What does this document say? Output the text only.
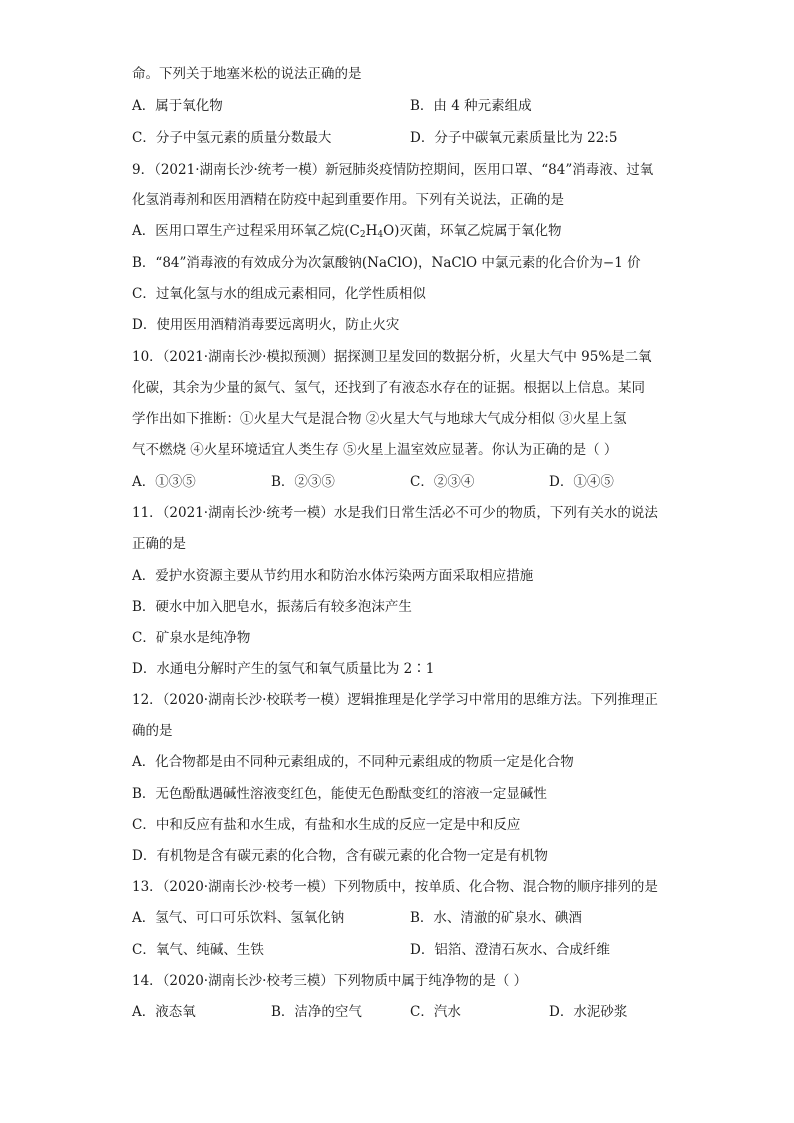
命。下列关于地塞米松的说法正确的是
A．属于氧化物	B．由 4 种元素组成
C．分子中氢元素的质量分数最大	D．分子中碳氧元素质量比为 22:5
9．（2021·湖南长沙·统考一模）新冠肺炎疫情防控期间，医用口罩、“84”消毒液、过氧
化氢消毒剂和医用酒精在防疫中起到重要作用。下列有关说法，正确的是
A．医用口罩生产过程采用环氧乙烷$(C_2H_4O)$灭菌，环氧乙烷属于氧化物
B．“84”消毒液的有效成分为次氯酸钠(NaClO)，NaClO 中氯元素的化合价为−1 价
C．过氧化氢与水的组成元素相同，化学性质相似
D．使用医用酒精消毒要远离明火，防止火灾
10．（2021·湖南长沙·模拟预测）据探测卫星发回的数据分析，火星大气中 95%是二氧
化碳，其余为少量的氮气、氢气，还找到了有液态水存在的证据。根据以上信息。某同
学作出如下推断：①火星大气是混合物 ②火星大气与地球大气成分相似 ③火星上氢
气不燃烧 ④火星环境适宜人类生存 ⑤火星上温室效应显著。你认为正确的是（ ）
A．①③⑤	B．②③⑤	C．②③④	D．①④⑤
11．（2021·湖南长沙·统考一模）水是我们日常生活必不可少的物质，下列有关水的说法
正确的是
A．爱护水资源主要从节约用水和防治水体污染两方面采取相应措施
B．硬水中加入肥皂水，振荡后有较多泡沫产生
C．矿泉水是纯净物
D．水通电分解时产生的氢气和氧气质量比为 2∶1
12．（2020·湖南长沙·校联考一模）逻辑推理是化学学习中常用的思维方法。下列推理正
确的是
A．化合物都是由不同种元素组成的，不同种元素组成的物质一定是化合物
B．无色酚酞遇碱性溶液变红色，能使无色酚酞变红的溶液一定显碱性
C．中和反应有盐和水生成，有盐和水生成的反应一定是中和反应
D．有机物是含有碳元素的化合物，含有碳元素的化合物一定是有机物
13．（2020·湖南长沙·校考一模）下列物质中，按单质、化合物、混合物的顺序排列的是
A．氢气、可口可乐饮料、氢氧化钠	B．水、清澈的矿泉水、碘酒
C．氧气、纯碱、生铁	D．铝箔、澄清石灰水、合成纤维
14．（2020·湖南长沙·校考三模）下列物质中属于纯净物的是（ ）
A．液态氧	B．洁净的空气	C．汽水	D．水泥砂浆
